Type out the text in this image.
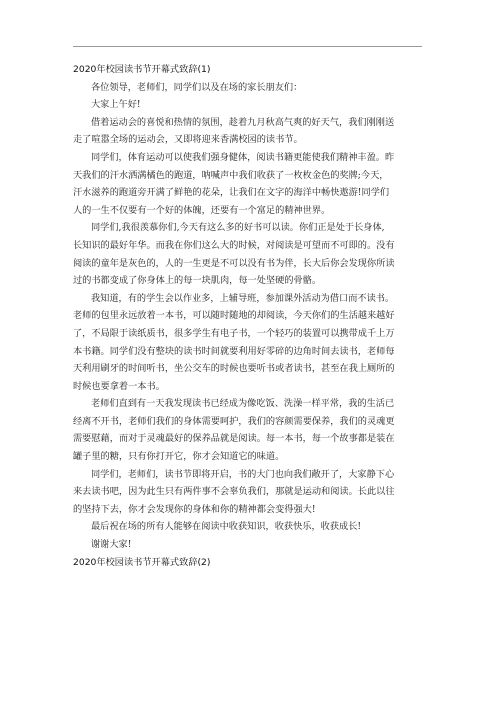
2020年校园读书节开幕式致辞(1)

各位领导，老师们，同学们以及在场的家长朋友们：

大家上午好!

借着运动会的喜悦和热情的氛围，趁着九月秋高气爽的好天气，我们刚刚送

走了喧嚣全场的运动会，又即将迎来香满校园的读书节。

同学们，体育运动可以使我们强身健体，阅读书籍更能使我们精神丰盈。昨

天我们的汗水洒满橘色的跑道，呐喊声中我们收获了一枚枚金色的奖牌;今天，

汗水滋养的跑道旁开满了鲜艳的花朵，让我们在文字的海洋中畅快遨游!同学们

人的一生不仅要有一个好的体魄，还要有一个富足的精神世界。

同学们,我很羡慕你们,今天有这么多的好书可以读。你们正是处于长身体,

长知识的最好年华。而我在你们这么大的时候，对阅读是可望而不可即的。没有

阅读的童年是灰色的，人的一生更是不可以没有书为伴，长大后你会发现你所读

过的书都变成了你身体上的每一块肌肉，每一处坚硬的骨骼。

我知道，有的学生会以作业多，上辅导班，参加课外活动为借口而不读书。

老师的包里永远放着一本书，可以随时随地的却阅读，今天你们的生活越来越好

了，不局限于读纸质书，很多学生有电子书，一个轻巧的装置可以携带成千上万

本书籍。同学们没有整块的读书时间就要利用好零碎的边角时间去读书，老师每

天利用刷牙的时间听书，坐公交车的时候也要听书或者读书，甚至在我上厕所的

时候也要拿着一本书。

老师们直到有一天我发现读书已经成为像吃饭、洗澡一样平常，我的生活已

经离不开书，老师们我们的身体需要呵护，我们的容颜需要保养，我们的灵魂更

需要慰藉，而对于灵魂最好的保养品就是阅读。每一本书，每一个故事都是装在

罐子里的糖，只有你打开它，你才会知道它的味道。

同学们，老师们，读书节即将开启，书的大门也向我们敞开了，大家静下心

来去读书吧，因为此生只有两件事不会辜负我们，那就是运动和阅读。长此以往

的坚持下去，你才会发现你的身体和你的精神都会变得强大!

最后祝在场的所有人能够在阅读中收获知识，收获快乐，收获成长!

谢谢大家!

2020年校园读书节开幕式致辞(2)
